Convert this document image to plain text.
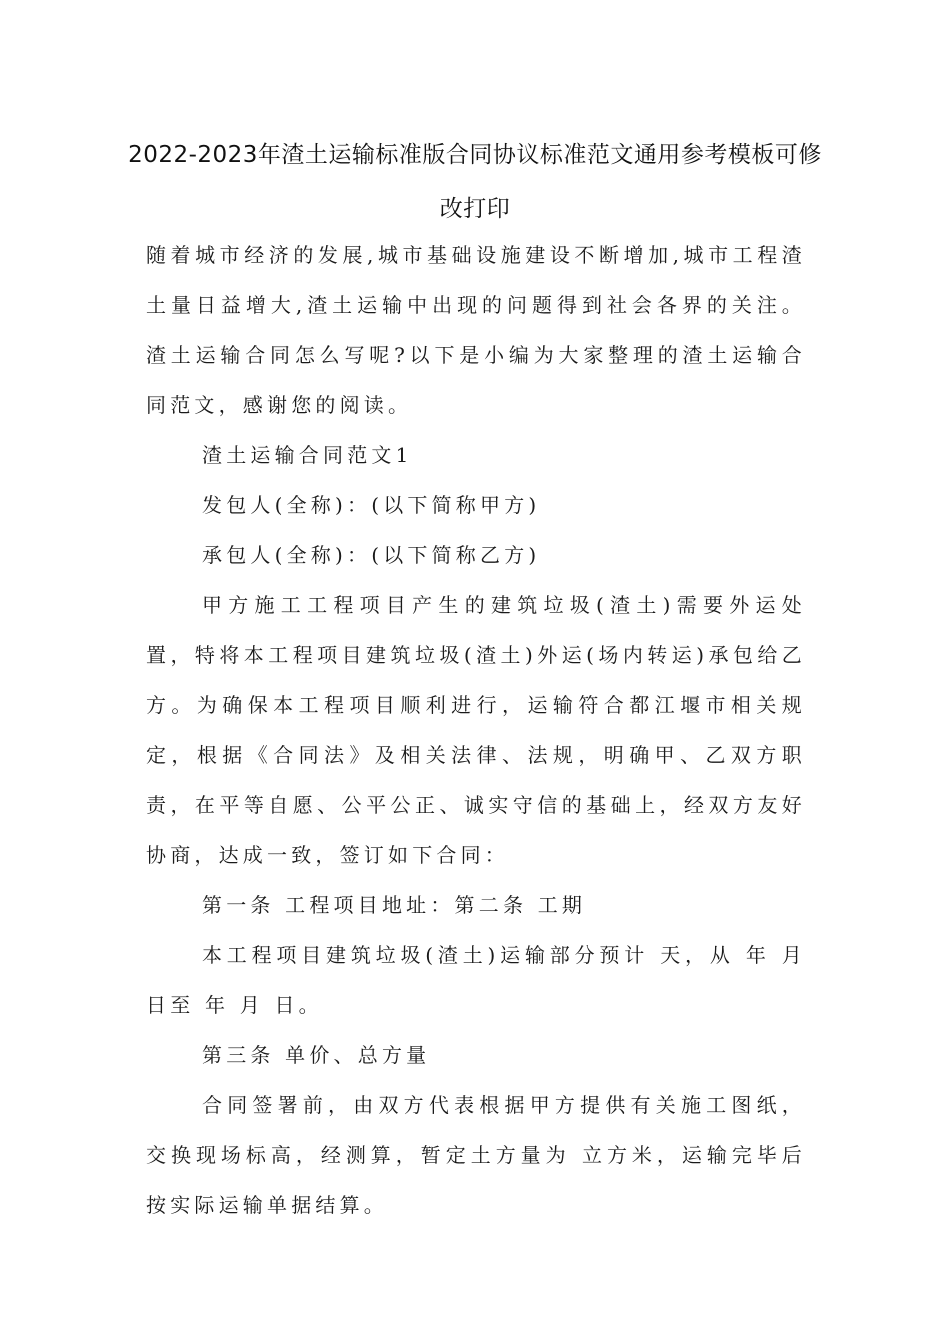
2022-2023年渣土运输标准版合同协议标准范文通用参考模板可修改打印

随着城市经济的发展,城市基础设施建设不断增加,城市工程渣土量日益增大,渣土运输中出现的问题得到社会各界的关注。渣土运输合同怎么写呢?以下是小编为大家整理的渣土运输合同范文，感谢您的阅读。

渣土运输合同范文1

发包人(全称)：(以下简称甲方)

承包人(全称)：(以下简称乙方)

甲方施工工程项目产生的建筑垃圾(渣土)需要外运处置，特将本工程项目建筑垃圾(渣土)外运(场内转运)承包给乙方。为确保本工程项目顺利进行，运输符合都江堰市相关规定，根据《合同法》及相关法律、法规，明确甲、乙双方职责，在平等自愿、公平公正、诚实守信的基础上，经双方友好协商，达成一致，签订如下合同：

第一条 工程项目地址：第二条 工期

本工程项目建筑垃圾(渣土)运输部分预计 天，从 年 月 日至 年 月 日。

第三条 单价、总方量

合同签署前，由双方代表根据甲方提供有关施工图纸，交换现场标高，经测算，暂定土方量为 立方米，运输完毕后按实际运输单据结算。
